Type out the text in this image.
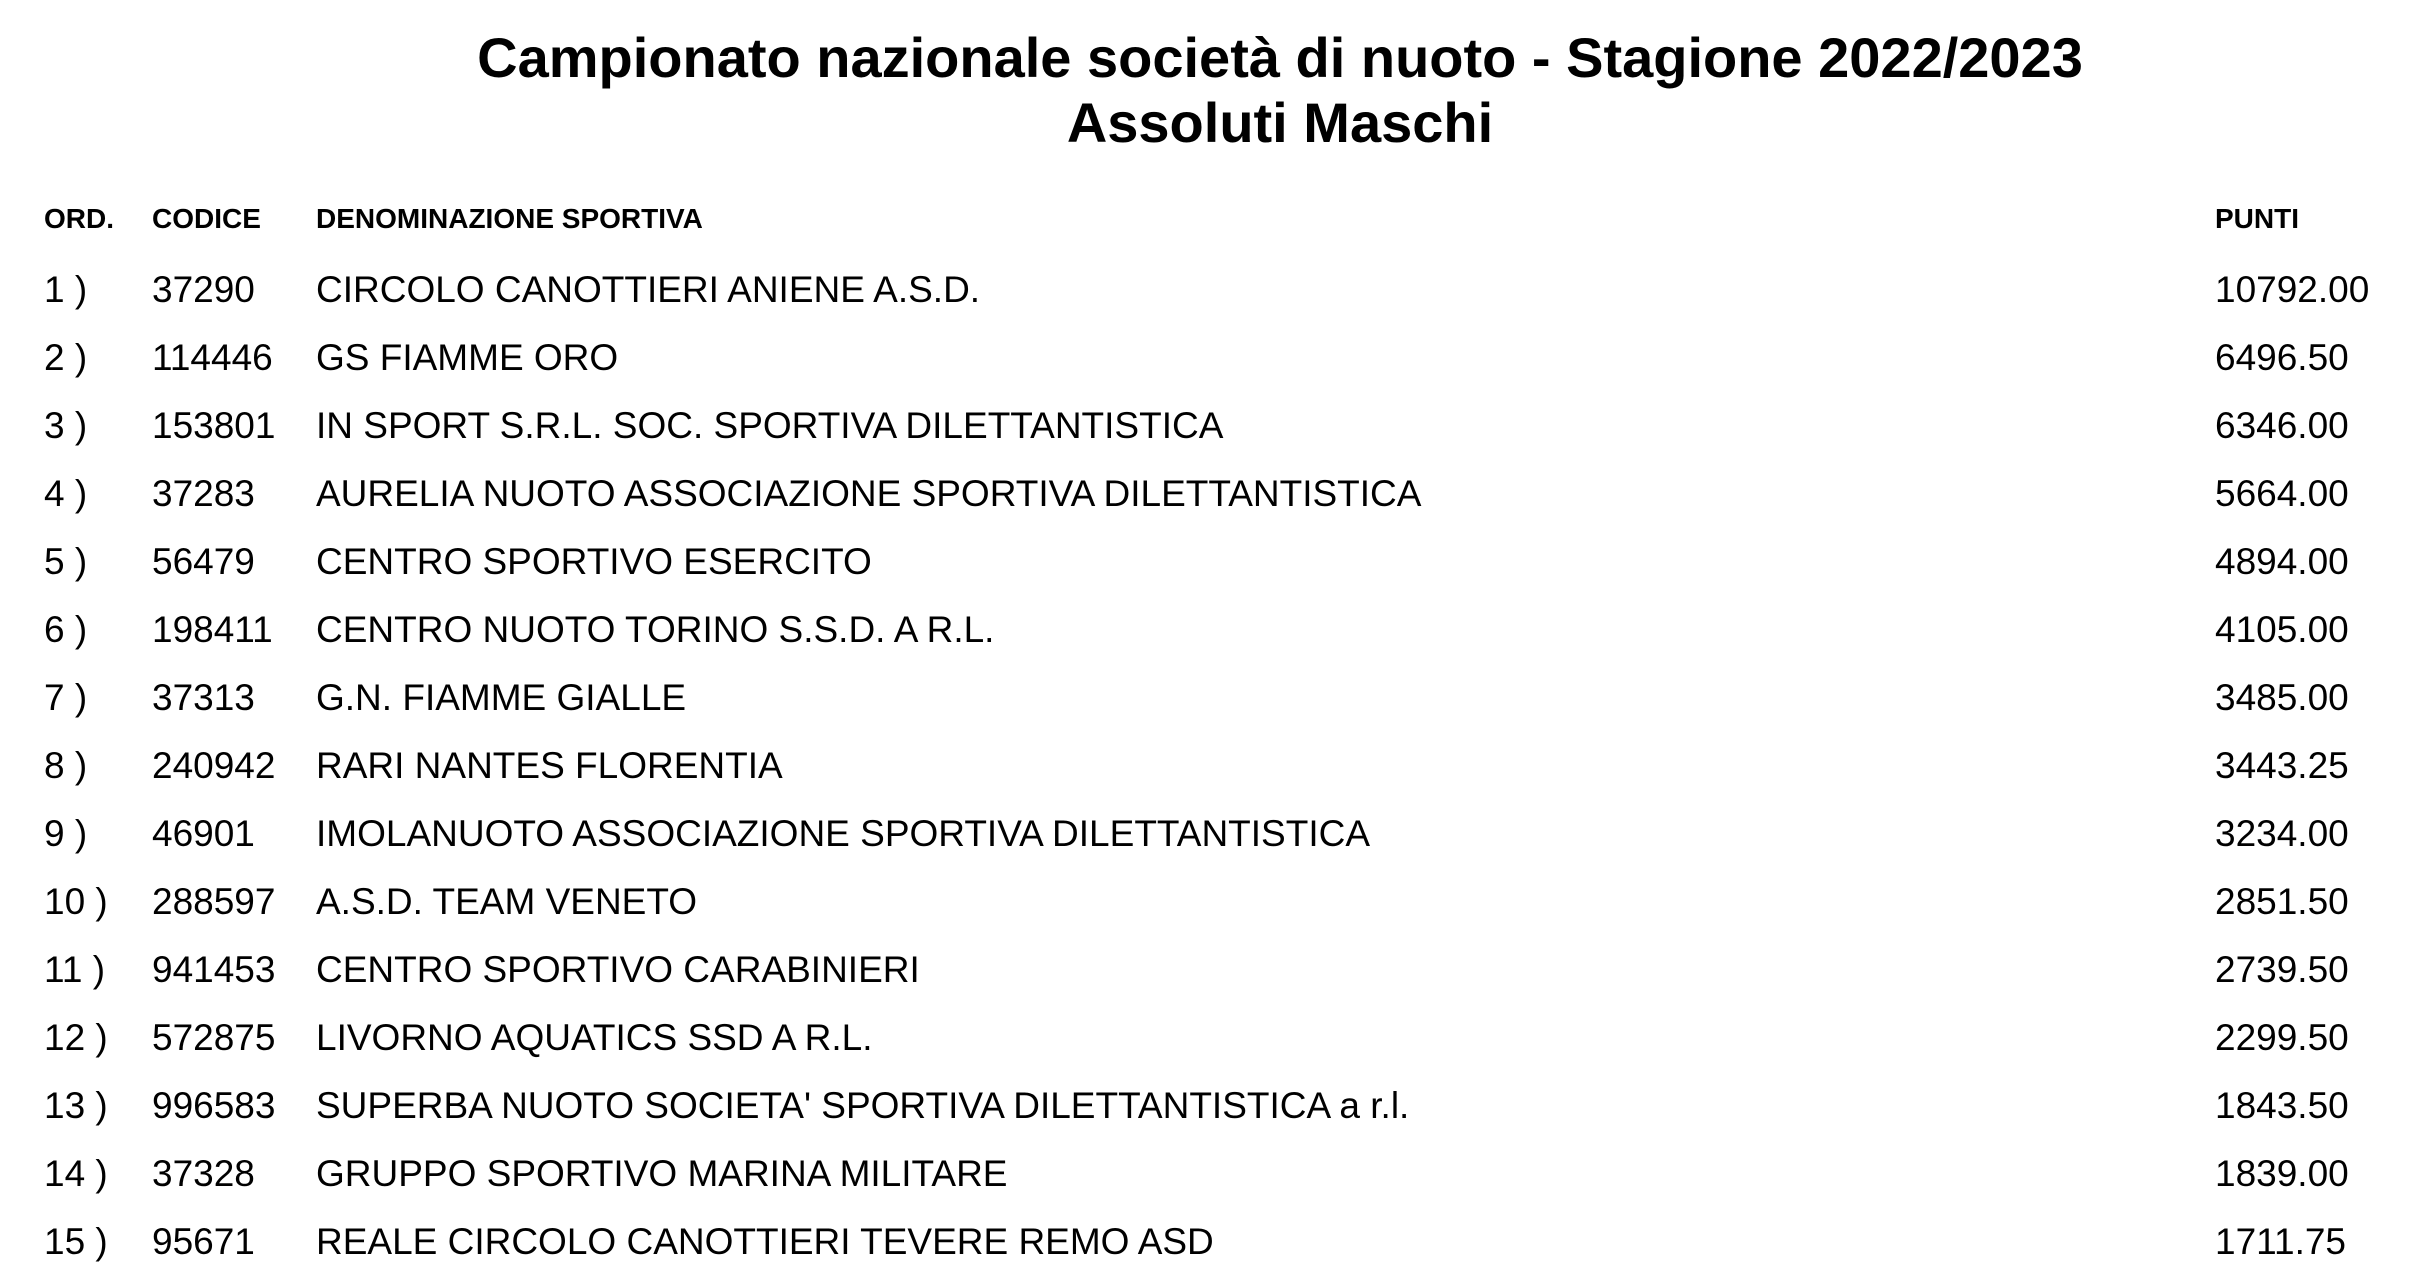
Campionato nazionale società di nuoto - Stagione 2022/2023
Assoluti Maschi
ORD. CODICE DENOMINAZIONE SPORTIVA	PUNTI
1 ) 37290 CIRCOLO CANOTTIERI ANIENE A.S.D.	10792.00
2 ) 114446 GS FIAMME ORO	6496.50
3 ) 153801 IN SPORT S.R.L. SOC. SPORTIVA DILETTANTISTICA	6346.00
4 ) 37283 AURELIA NUOTO ASSOCIAZIONE SPORTIVA DILETTANTISTICA	5664.00
5 ) 56479 CENTRO SPORTIVO ESERCITO	4894.00
6 ) 198411 CENTRO NUOTO TORINO S.S.D. A R.L.	4105.00
7 ) 37313 G.N. FIAMME GIALLE	3485.00
8 ) 240942 RARI NANTES FLORENTIA	3443.25
9 ) 46901 IMOLANUOTO ASSOCIAZIONE SPORTIVA DILETTANTISTICA	3234.00
10 ) 288597 A.S.D. TEAM VENETO	2851.50
11 ) 941453 CENTRO SPORTIVO CARABINIERI	2739.50
12 ) 572875 LIVORNO AQUATICS SSD A R.L.	2299.50
13 ) 996583 SUPERBA NUOTO SOCIETA' SPORTIVA DILETTANTISTICA a r.l.	1843.50
14 ) 37328 GRUPPO SPORTIVO MARINA MILITARE	1839.00
15 ) 95671 REALE CIRCOLO CANOTTIERI TEVERE REMO ASD	1711.75
